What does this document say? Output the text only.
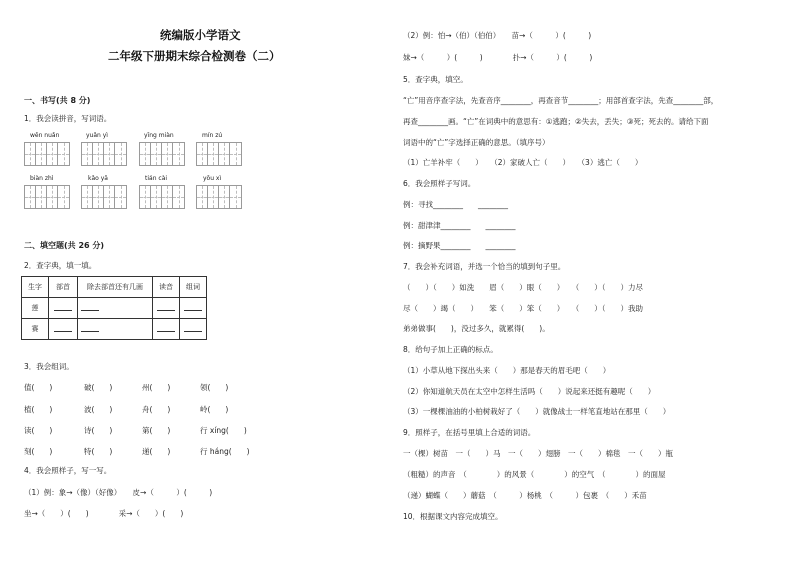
统编版小学语文
二年级下册期末综合检测卷（二）
一、书写(共 8 分)
1．我会读拼音，写词语。
wēn nuǎn	yuǎn yì	yīng miàn	mín zú
biàn zhì	kǎo yā	tián cài	yōu xì
二、填空题(共 26 分)
2．查字典，填一填。
生字	部首	除去部首还有几画	读音	组词
莲				
赛				
3．我会组词。
值(　　)	破(　　)	州(　　)	领(　　)
植(　　)	波(　　)	舟(　　)	岭(　　)
读(　　)	诗(　　)	第(　　)	行 xíng(　　)
刻(　　)	特(　　)	递(　　)	行 háng(　　)
4．我会照样子，写一写。
（1）例：象→（像）（好像）　　皮→（　　　）(　　　)
坐→（　　）(　　)　　　　采→（　　）(　　)
（2）例：怕→（伯）（伯伯）　　苗→（　　　）(　　　)
妹→（　　　）(　　　)　　　　扑→（　　　）(　　　)
5．查字典，填空。
“亡”用音序查字法，先查音序________，再查音节________；用部首查字法，先查________部，
再查________画。“亡”在词典中的意思有：①逃跑；②失去，丢失；③死；死去的。请给下面
词语中的“亡”字选择正确的意思。（填序号）
（1）亡羊补牢（　　）　　（2）家破人亡（　　）　　（3）逃亡（　　）
6．我会照样子写词。
例：寻找________　　________
例：甜津津________　　________
例：摘野果________　　________
7．我会补充词语，并选一个恰当的填到句子里。
（　　）（　　）如洗　　眉（　　）眼（　　）　　（　　）（　　）力尽
尽（　　）竭（　　）　　笨（　　）笨（　　）　　（　　）（　　）我助
弟弟做事(　　)，没过多久，就累得(　　)。
8．给句子加上正确的标点。
（1）小草从地下探出头来（　　）那是春天的眉毛吧（　　）
（2）你知道航天员在太空中怎样生活吗（　　）说起来还挺有趣呢（　　）
（3）一棵棵油油的小柏树栽好了（　　）就像战士一样笔直地站在那里（　　）
9．照样子，在括号里填上合适的词语。
一（棵）树苗　一（　　）马　一（　　）翅膀　一（　　）棉毯　一（　　）瓶
（粗糙）的声音　（　　　　）的风景（　　　　）的空气　（　　　　）的面屋
（递）蝴蝶（　　）蘑菇　（　　　）杨桃　（　　　）包裹　（　　）禾苗
10．根据课文内容完成填空。
